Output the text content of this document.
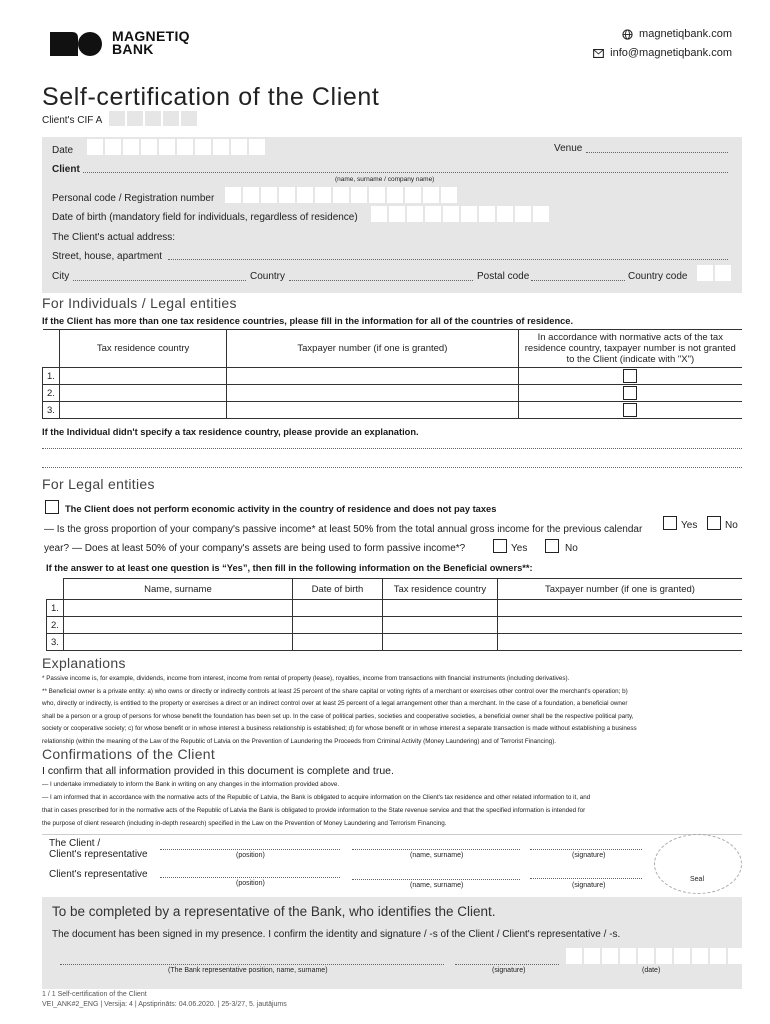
MAGNETIQ
BANK
magnetiqbank.com
info@magnetiqbank.com
Self-certification of the Client
Client's CIF A
Date	Venue
Client
(name, surname / company name)
Personal code / Registration number
Date of birth (mandatory field for individuals, regardless of residence)
The Client's actual address:
Street, house, apartment
City	Country	Postal code	Country code
For Individuals / Legal entities
If the Client has more than one tax residence countries, please fill in the information for all of the countries of residence.
	Tax residence country	Taxpayer number (if one is granted)	In accordance with normative acts of the tax residence country, taxpayer number is not granted to the Client (indicate with "X")
1.			
2.			
3.			
If the Individual didn't specify a tax residence country, please provide an explanation.
For Legal entities
The Client does not perform economic activity in the country of residence and does not pay taxes
— Is the gross proportion of your company's passive income* at least 50% from the total annual gross income for the previous calendar	Yes	No
year? — Does at least 50% of your company's assets are being used to form passive income*?	Yes	No
If the answer to at least one question is “Yes”, then fill in the following information on the Beneficial owners**:
	Name, surname	Date of birth	Tax residence country	Taxpayer number (if one is granted)
1.				
2.				
3.				
Explanations
* Passive income is, for example, dividends, income from interest, income from rental of property (lease), royalties, income from transactions with financial instruments (including derivatives).
** Beneficial owner is a private entity: a) who owns or directly or indirectly controls at least 25 percent of the share capital or voting rights of a merchant or exercises other control over the merchant's operation; b)
who, directly or indirectly, is entitled to the property or exercises a direct or an indirect control over at least 25 percent of a legal arrangement other than a merchant. In the case of a foundation, a beneficial owner
shall be a person or a group of persons for whose benefit the foundation has been set up. In the case of political parties, societies and cooperative societies, a beneficial owner shall be the respective political party,
society or cooperative society; c) for whose benefit or in whose interest a business relationship is established; d) for whose benefit or in whose interest a separate transaction is made without establishing a business
relationship (within the meaning of the Law of the Republic of Latvia on the Prevention of Laundering the Proceeds from Criminal Activity (Money Laundering) and of Terrorist Financing).
Confirmations of the Client
I confirm that all information provided in this document is complete and true.
— I undertake immediately to inform the Bank in writing on any changes in the information provided above.
— I am informed that in accordance with the normative acts of the Republic of Latvia, the Bank is obligated to acquire information on the Client's tax residence and other related information to it, and
that in cases prescribed for in the normative acts of the Republic of Latvia the Bank is obligated to provide information to the State revenue service and that the specified information is intended for
the purpose of client research (including in-depth research) specified in the Law on the Prevention of Money Laundering and Terrorism Financing.
The Client /
Client's representative	(position)	(name, surname)	(signature)
Client's representative
(position)	(name, surname)	(signature)
Seal
To be completed by a representative of the Bank, who identifies the Client.
The document has been signed in my presence. I confirm the identity and signature / -s of the Client / Client's representative / -s.
(The Bank representative position, name, surname)	(signature)	(date)
1 / 1 Self-certification of the Client
VEI_ANK#2_ENG | Versija: 4 | Apstiprināts: 04.06.2020. | 25-3/27, 5. jautājums
